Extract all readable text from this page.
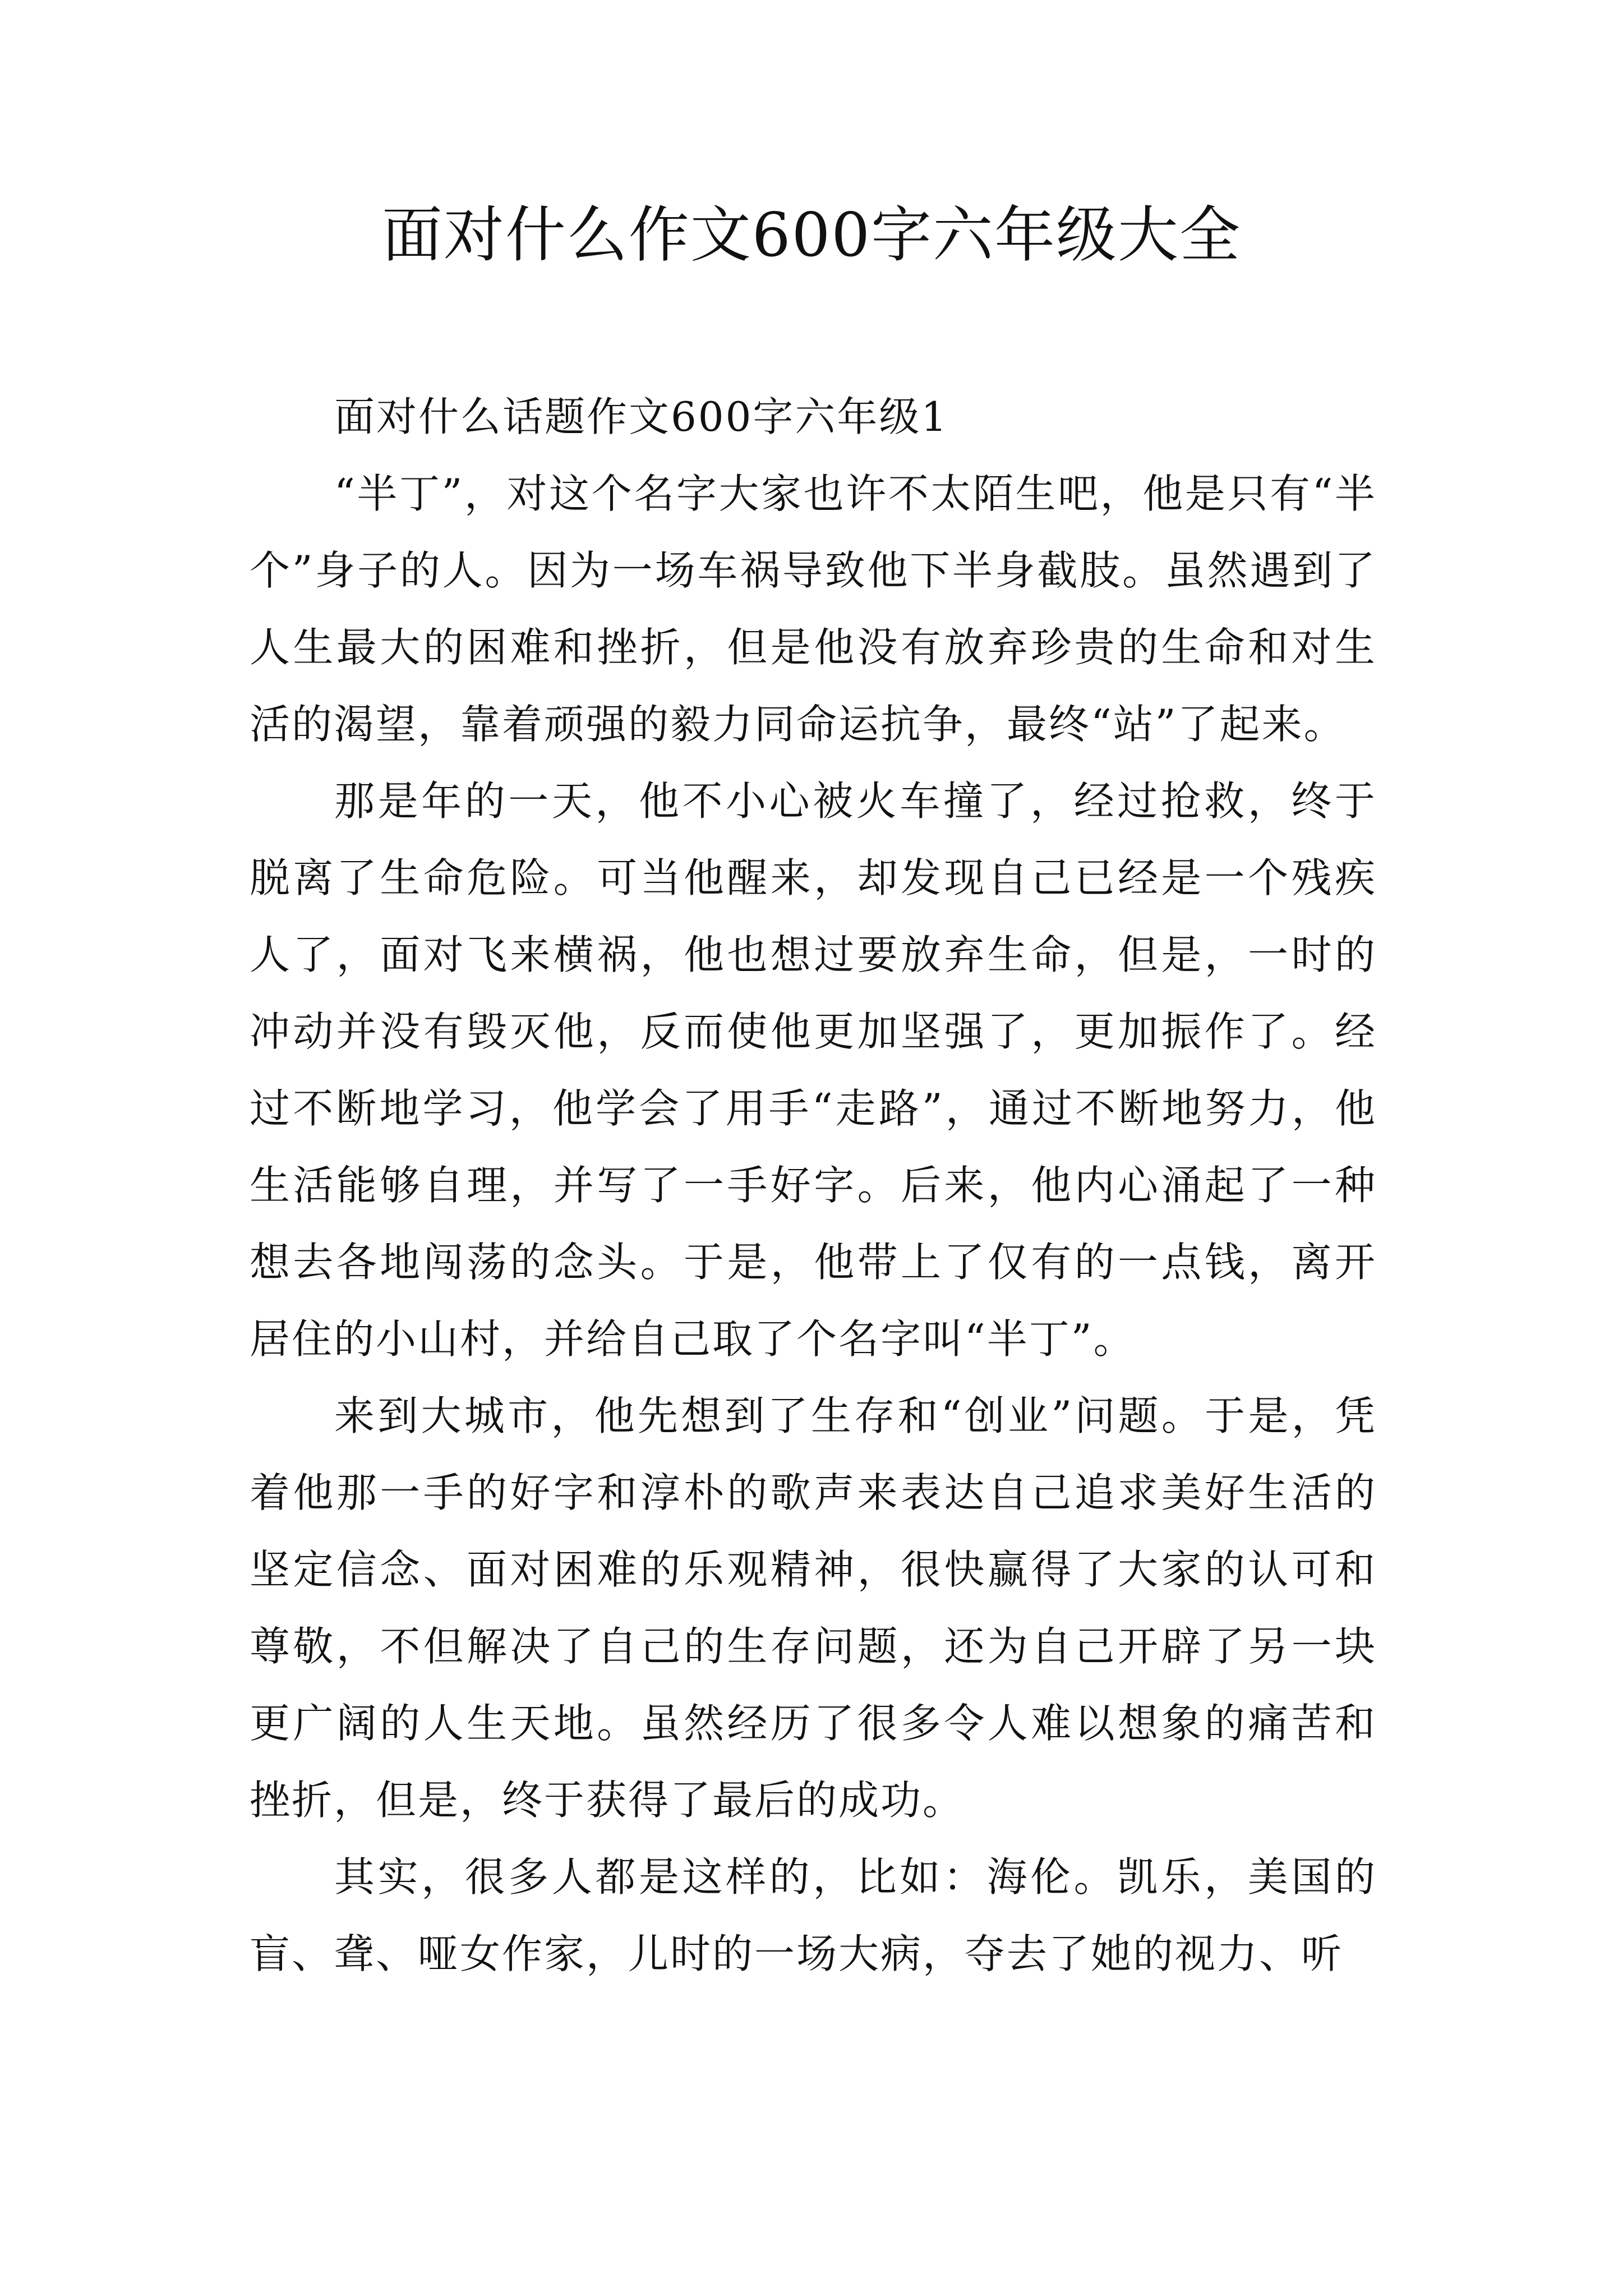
面对什么作文600字六年级大全

面对什么话题作文600字六年级1

“半丁”，对这个名字大家也许不太陌生吧，他是只有“半个”身子的人。因为一场车祸导致他下半身截肢。虽然遇到了人生最大的困难和挫折，但是他没有放弃珍贵的生命和对生活的渴望，靠着顽强的毅力同命运抗争，最终“站”了起来。

那是年的一天，他不小心被火车撞了，经过抢救，终于脱离了生命危险。可当他醒来，却发现自己已经是一个残疾人了，面对飞来横祸，他也想过要放弃生命，但是，一时的冲动并没有毁灭他，反而使他更加坚强了，更加振作了。经过不断地学习，他学会了用手“走路”，通过不断地努力，他生活能够自理，并写了一手好字。后来，他内心涌起了一种想去各地闯荡的念头。于是，他带上了仅有的一点钱，离开居住的小山村，并给自己取了个名字叫“半丁”。

来到大城市，他先想到了生存和“创业”问题。于是，凭着他那一手的好字和淳朴的歌声来表达自己追求美好生活的坚定信念、面对困难的乐观精神，很快赢得了大家的认可和尊敬，不但解决了自己的生存问题，还为自己开辟了另一块更广阔的人生天地。虽然经历了很多令人难以想象的痛苦和挫折，但是，终于获得了最后的成功。

其实，很多人都是这样的，比如：海伦。凯乐，美国的盲、聋、哑女作家，儿时的一场大病，夺去了她的视力、听
